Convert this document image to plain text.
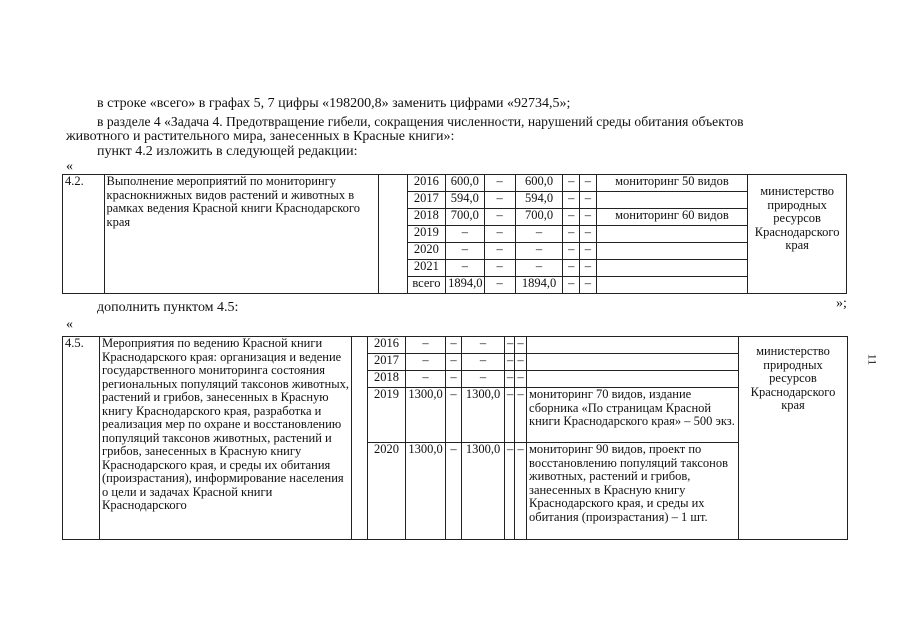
в строке «всего» в графах 5, 7 цифры «198200,8» заменить цифрами «92734,5»;
в разделе 4 «Задача 4. Предотвращение гибели, сокращения численности, нарушений среды обитания объектов
животного и растительного мира, занесенных в Красные книги»:
пункт 4.2 изложить в следующей редакции:
«
4.2.	Выполнение мероприятий по мониторингу краснокнижных видов растений и животных в рамках ведения Красной книги Краснодарского края		2016	600,0	–	600,0	–	–	мониторинг 50 видов	министерство природных ресурсов Краснодарского края
			2017	594,0	–	594,0	–	–		
			2018	700,0	–	700,0	–	–	мониторинг 60 видов	
			2019	–	–	–	–	–		
			2020	–	–	–	–	–		
			2021	–	–	–	–	–		
			всего	1894,0	–	1894,0	–	–		
дополнить пунктом 4.5:	»;
«
4.5.	Мероприятия по ведению Красной книги Краснодарского края: организация и ведение государственного мониторинга состояния региональных популяций таксонов животных, растений и грибов, занесенных в Красную книгу Краснодарского края, разработка и реализация мер по охране и восстановлению популяций таксонов животных, растений и грибов, занесенных в Красную книгу Краснодарского края, и среды их обитания (произрастания), информирование населения о цели и задачах Красной книги Краснодарского		2016	–	–	–	–	–		министерство природных ресурсов Краснодарского края
			2017	–	–	–	–	–		
			2018	–	–	–	–	–		
			2019	1300,0	–	1300,0	–	–	мониторинг 70 видов, издание сборника «По страницам Красной книги Краснодарского края» – 500 экз.	
			2020	1300,0	–	1300,0	–	–	мониторинг 90 видов, проект по восстановлению популяций таксонов животных, растений и грибов, занесенных в Красную книгу Краснодарского края, и среды их обитания (произрастания) – 1 шт.	
11
